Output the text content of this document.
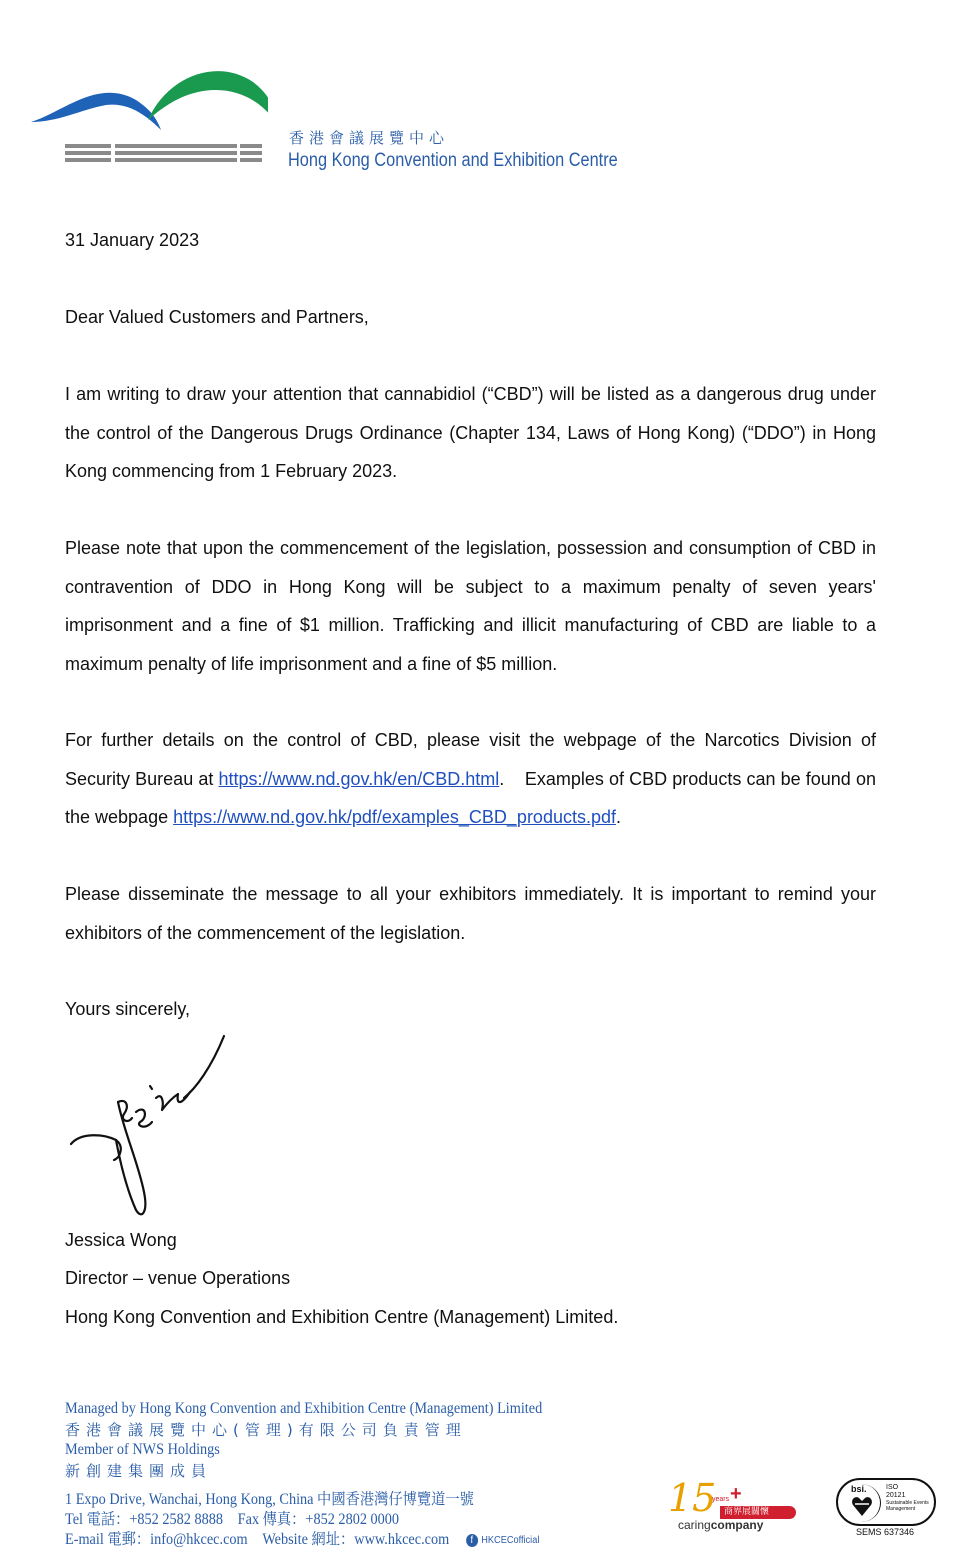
香港會議展覽中心
Hong Kong Convention and Exhibition Centre
31 January 2023
Dear Valued Customers and Partners,
I am writing to draw your attention that cannabidiol (“CBD”) will be listed as a dangerous drug under the control of the Dangerous Drugs Ordinance (Chapter 134, Laws of Hong Kong) (“DDO”) in Hong Kong commencing from 1 February 2023.
Please note that upon the commencement of the legislation, possession and consumption of CBD in contravention of DDO in Hong Kong will be subject to a maximum penalty of seven years' imprisonment and a fine of $1 million. Trafficking and illicit manufacturing of CBD are liable to a maximum penalty of life imprisonment and a fine of $5 million.
For further details on the control of CBD, please visit the webpage of the Narcotics Division of Security Bureau at https://www.nd.gov.hk/en/CBD.html.    Examples of CBD products can be found on the webpage https://www.nd.gov.hk/pdf/examples_CBD_products.pdf.
Please disseminate the message to all your exhibitors immediately. It is important to remind your exhibitors of the commencement of the legislation.
Yours sincerely,
Jessica Wong
Director – venue Operations
Hong Kong Convention and Exhibition Centre (Management) Limited.
Managed by Hong Kong Convention and Exhibition Centre (Management) Limited
香港會議展覽中心(管理)有限公司負責管理
Member of NWS Holdings
新創建集團成員
1 Expo Drive, Wanchai, Hong Kong, China 中國香港灣仔博覽道一號
Tel 電話：+852 2582 8888 Fax 傳真：+852 2802 0000
E-mail 電郵：info@hkcec.com Website 網址：www.hkcec.com f HKCECofficial
15 +
years
商界展關懷
caringcompany
bsi.	ISO
20121
Sustainable Events Management
SEMS 637346
